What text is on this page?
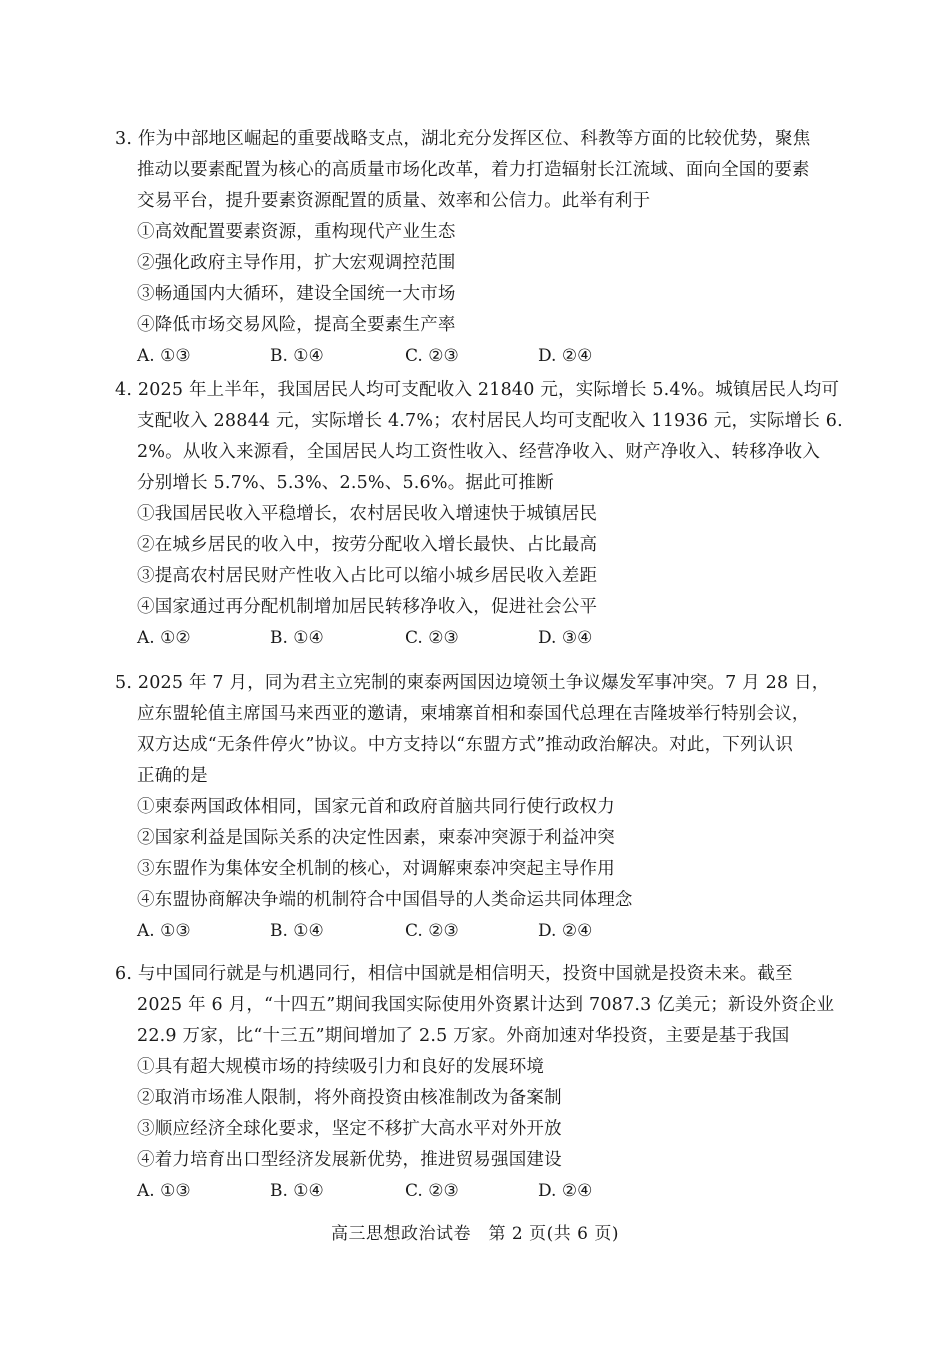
3. 作为中部地区崛起的重要战略支点，湖北充分发挥区位、科教等方面的比较优势，聚焦
推动以要素配置为核心的高质量市场化改革，着力打造辐射长江流域、面向全国的要素
交易平台，提升要素资源配置的质量、效率和公信力。此举有利于
①高效配置要素资源，重构现代产业生态
②强化政府主导作用，扩大宏观调控范围
③畅通国内大循环，建设全国统一大市场
④降低市场交易风险，提高全要素生产率
A. ①③	B. ①④	C. ②③	D. ②④
4. 2025 年上半年，我国居民人均可支配收入 21840 元，实际增长 5.4%。城镇居民人均可
支配收入 28844 元，实际增长 4.7%；农村居民人均可支配收入 11936 元，实际增长 6.
2%。从收入来源看，全国居民人均工资性收入、经营净收入、财产净收入、转移净收入
分别增长 5.7%、5.3%、2.5%、5.6%。据此可推断
①我国居民收入平稳增长，农村居民收入增速快于城镇居民
②在城乡居民的收入中，按劳分配收入增长最快、占比最高
③提高农村居民财产性收入占比可以缩小城乡居民收入差距
④国家通过再分配机制增加居民转移净收入，促进社会公平
A. ①②	B. ①④	C. ②③	D. ③④
5. 2025 年 7 月，同为君主立宪制的柬泰两国因边境领土争议爆发军事冲突。7 月 28 日，
应东盟轮值主席国马来西亚的邀请，柬埔寨首相和泰国代总理在吉隆坡举行特别会议，
双方达成“无条件停火”协议。中方支持以“东盟方式”推动政治解决。对此，下列认识
正确的是
①柬泰两国政体相同，国家元首和政府首脑共同行使行政权力
②国家利益是国际关系的决定性因素，柬泰冲突源于利益冲突
③东盟作为集体安全机制的核心，对调解柬泰冲突起主导作用
④东盟协商解决争端的机制符合中国倡导的人类命运共同体理念
A. ①③	B. ①④	C. ②③	D. ②④
6. 与中国同行就是与机遇同行，相信中国就是相信明天，投资中国就是投资未来。截至
2025 年 6 月，“十四五”期间我国实际使用外资累计达到 7087.3 亿美元；新设外资企业
22.9 万家，比“十三五”期间增加了 2.5 万家。外商加速对华投资，主要是基于我国
①具有超大规模市场的持续吸引力和良好的发展环境
②取消市场准人限制，将外商投资由核准制改为备案制
③顺应经济全球化要求，坚定不移扩大高水平对外开放
④着力培育出口型经济发展新优势，推进贸易强国建设
A. ①③	B. ①④	C. ②③	D. ②④
高三思想政治试卷　第 2 页(共 6 页)
